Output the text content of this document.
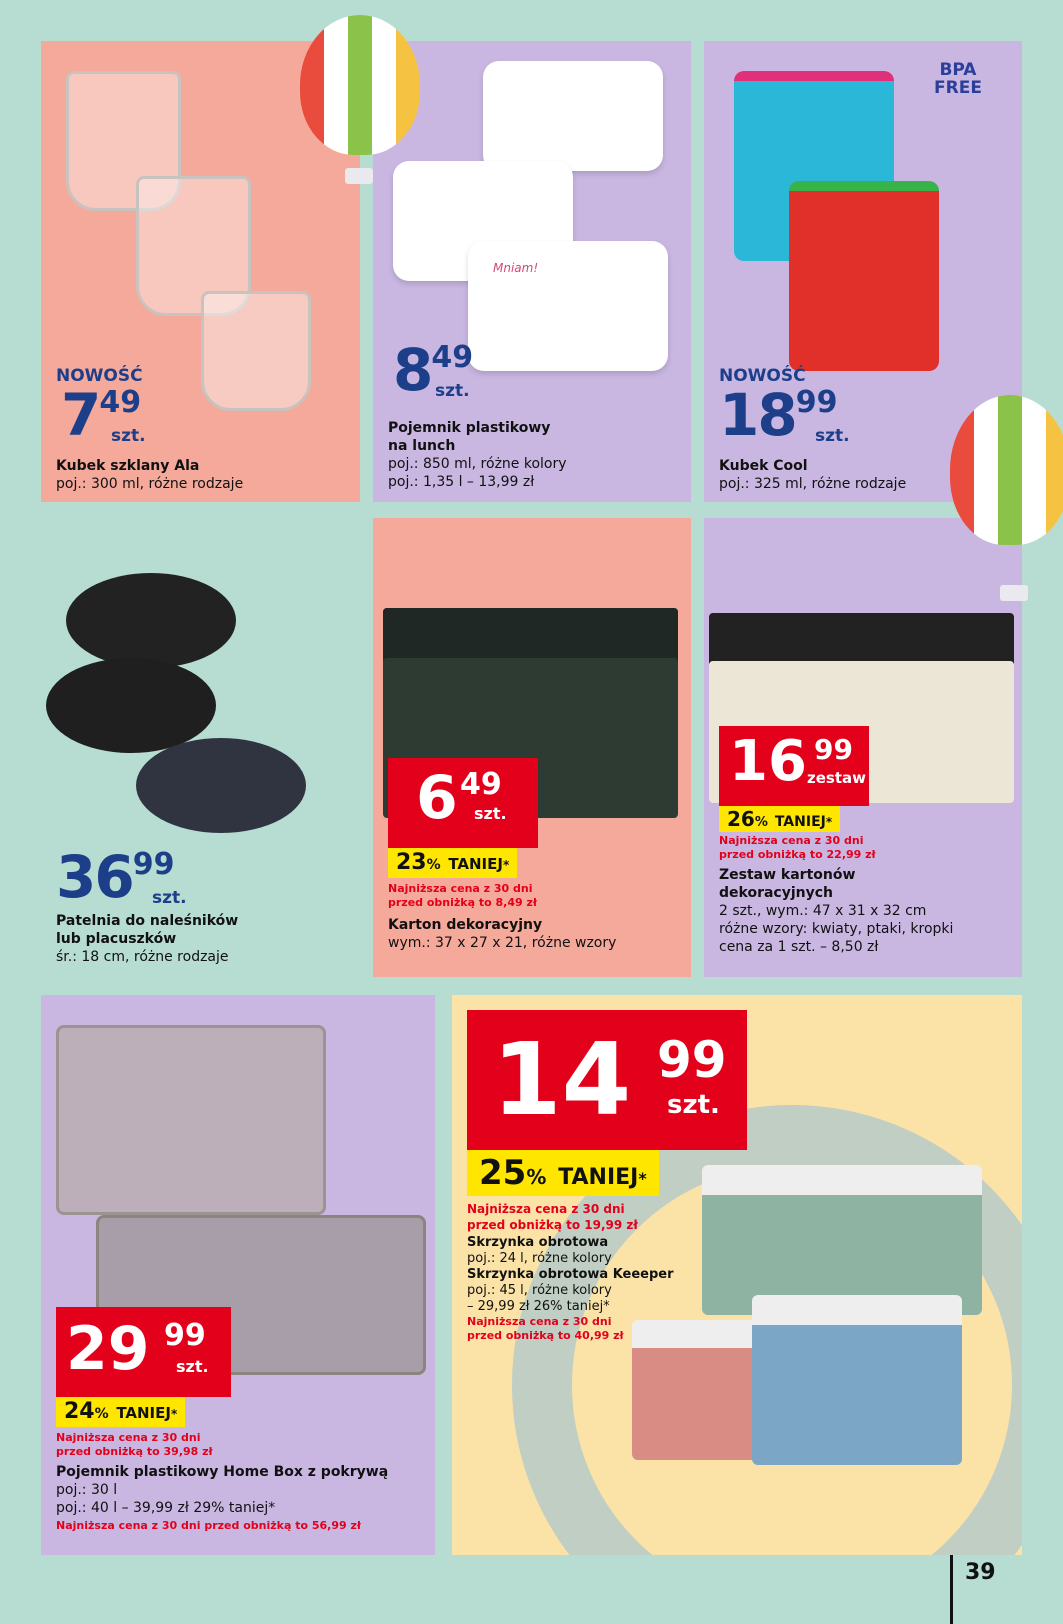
NOWOŚĆ
749
szt.
Kubek szklany Ala
poj.: 300 ml, różne rodzaje
Mniam!
849
szt.
Pojemnik plastikowy
na lunch
poj.: 850 ml, różne kolory
poj.: 1,35 l – 13,99 zł
BPA
FREE
NOWOŚĆ
1899
szt.
Kubek Cool
poj.: 325 ml, różne rodzaje
3699
szt.
Patelnia do naleśników
lub placuszków
śr.: 18 cm, różne rodzaje
6 49
szt.
23% TANIEJ*
Najniższa cena z 30 dni
przed obniżką to 8,49 zł
Karton dekoracyjny
wym.: 37 x 27 x 21, różne wzory
16 99
zestaw
26% TANIEJ*
Najniższa cena z 30 dni
przed obniżką to 22,99 zł
Zestaw kartonów
dekoracyjnych
2 szt., wym.: 47 x 31 x 32 cm
różne wzory: kwiaty, ptaki, kropki
cena za 1 szt. – 8,50 zł
29 99
szt.
24% TANIEJ*
Najniższa cena z 30 dni
przed obniżką to 39,98 zł
Pojemnik plastikowy Home Box z pokrywą
poj.: 30 l
poj.: 40 l – 39,99 zł 29% taniej*
Najniższa cena z 30 dni przed obniżką to 56,99 zł
14 99
szt.
25% TANIEJ*
Najniższa cena z 30 dni
przed obniżką to 19,99 zł
Skrzynka obrotowa
poj.: 24 l, różne kolory
Skrzynka obrotowa Keeeper
poj.: 45 l, różne kolory
– 29,99 zł 26% taniej*
Najniższa cena z 30 dni
przed obniżką to 40,99 zł
39
